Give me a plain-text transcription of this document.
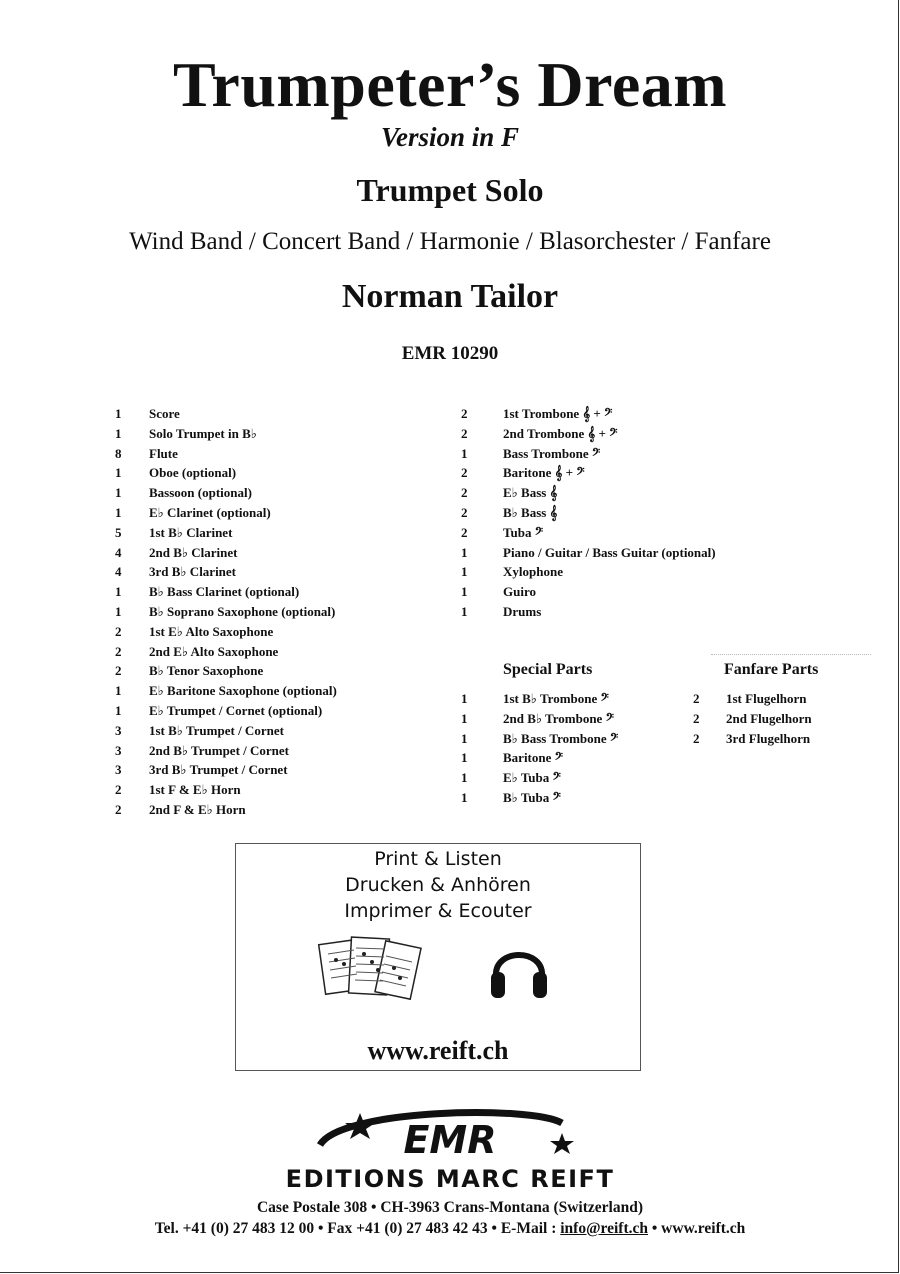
Trumpeter’s Dream
Version in F
Trumpet Solo
Wind Band / Concert Band / Harmonie / Blasorchester / Fanfare
Norman Tailor
EMR 10290
1 Score
1 Solo Trumpet in B♭
8 Flute
1 Oboe (optional)
1 Bassoon (optional)
1 E♭ Clarinet (optional)
5 1st B♭ Clarinet
4 2nd B♭ Clarinet
4 3rd B♭ Clarinet
1 B♭ Bass Clarinet (optional)
1 B♭ Soprano Saxophone (optional)
2 1st E♭ Alto Saxophone
2 2nd E♭ Alto Saxophone
2 B♭ Tenor Saxophone
1 E♭ Baritone Saxophone (optional)
1 E♭ Trumpet / Cornet (optional)
3 1st B♭ Trumpet / Cornet
3 2nd B♭ Trumpet / Cornet
3 3rd B♭ Trumpet / Cornet
2 1st F & E♭ Horn
2 2nd F & E♭ Horn
2	1st Trombone 𝄞 + 𝄢
2	2nd Trombone 𝄞 + 𝄢
1	Bass Trombone 𝄢
2	Baritone 𝄞 + 𝄢
2	E♭ Bass 𝄞
2	B♭ Bass 𝄞
2	Tuba 𝄢
1	Piano / Guitar / Bass Guitar (optional)
1	Xylophone
1	Guiro
1	Drums
Special Parts	Fanfare Parts
1	1st B♭ Trombone 𝄢
1	2nd B♭ Trombone 𝄢
1	B♭ Bass Trombone 𝄢
1	Baritone 𝄢
1	E♭ Tuba 𝄢
1	B♭ Tuba 𝄢
2 1st Flugelhorn
2 2nd Flugelhorn
2 3rd Flugelhorn
Print & Listen
Drucken & Anhören
Imprimer & Ecouter
www.reift.ch
EMR
EDITIONS MARC REIFT
Case Postale 308 • CH-3963 Crans-Montana (Switzerland)
Tel. +41 (0) 27 483 12 00 • Fax +41 (0) 27 483 42 43 • E-Mail : info@reift.ch • www.reift.ch
